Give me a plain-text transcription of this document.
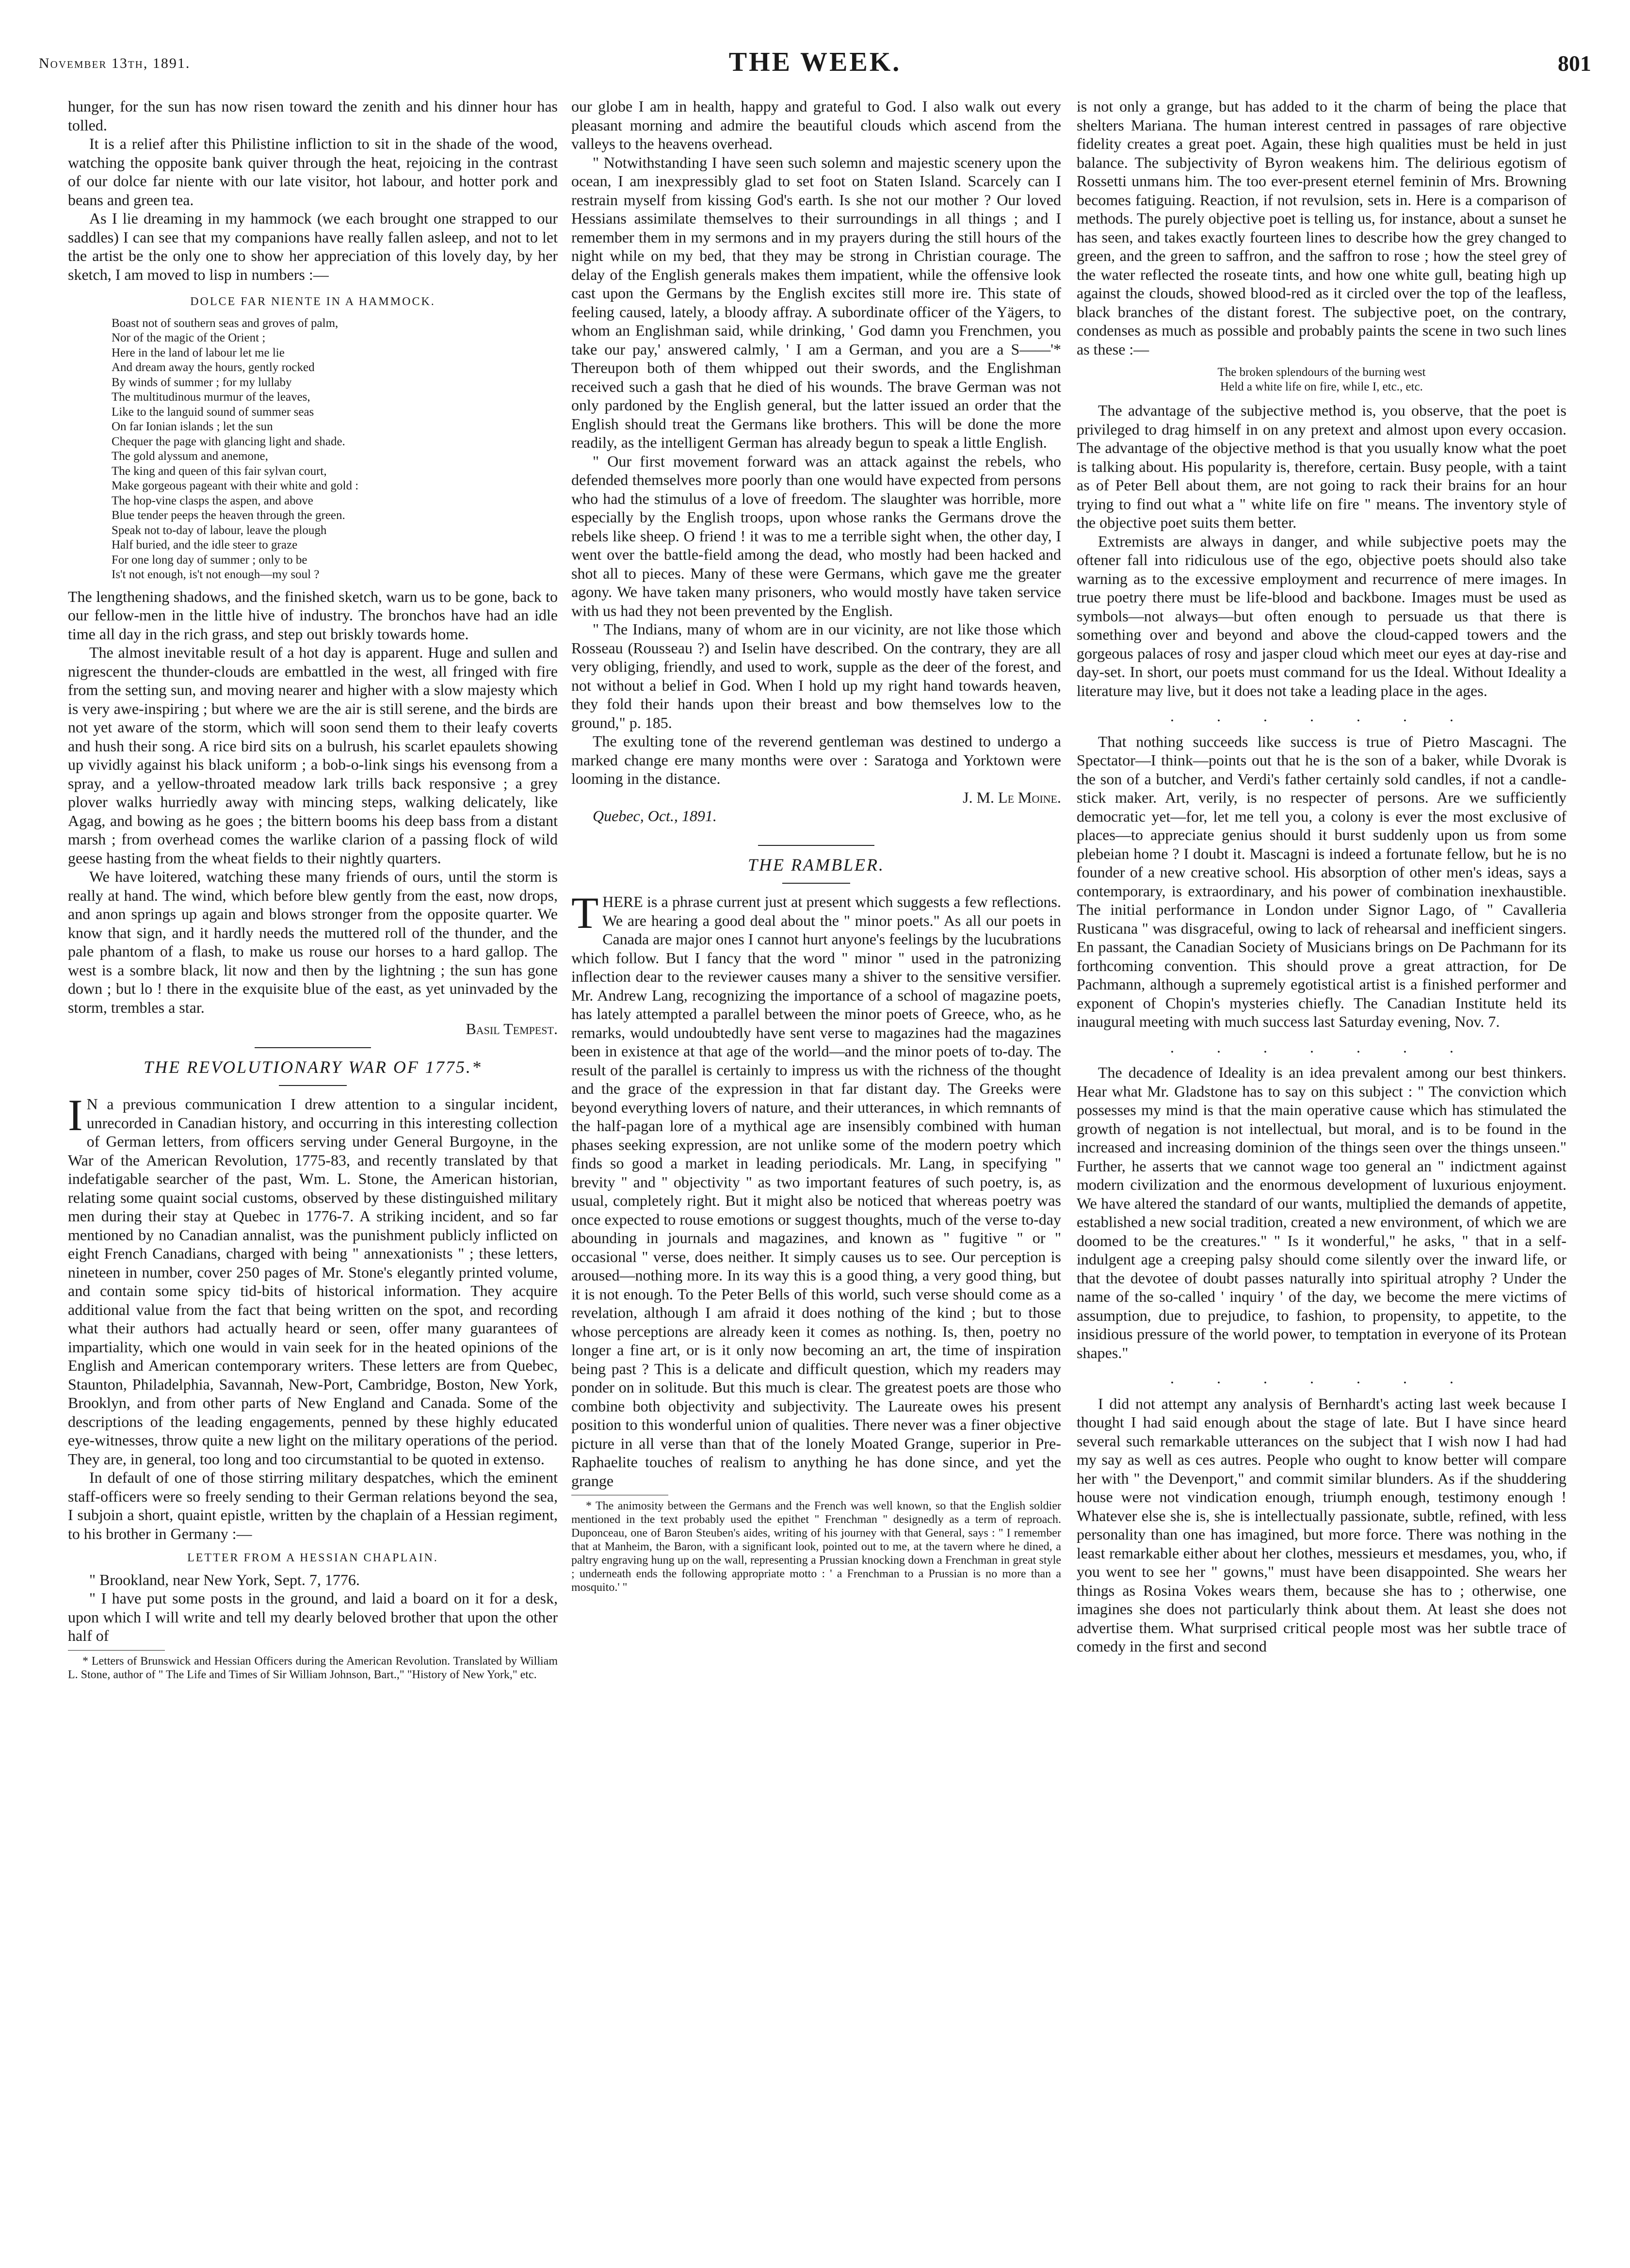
November 13th, 1891.	THE WEEK.	801

hunger, for the sun has now risen toward the zenith and his dinner hour has tolled.

It is a relief after this Philistine infliction to sit in the shade of the wood, watching the opposite bank quiver through the heat, rejoicing in the contrast of our dolce far niente with our late visitor, hot labour, and hotter pork and beans and green tea.

As I lie dreaming in my hammock (we each brought one strapped to our saddles) I can see that my companions have really fallen asleep, and not to let the artist be the only one to show her appreciation of this lovely day, by her sketch, I am moved to lisp in numbers :—

DOLCE FAR NIENTE IN A HAMMOCK.
Boast not of southern seas and groves of palm,
Nor of the magic of the Orient ;
Here in the land of labour let me lie
And dream away the hours, gently rocked
By winds of summer ; for my lullaby
The multitudinous murmur of the leaves,
Like to the languid sound of summer seas
On far Ionian islands ; let the sun
Chequer the page with glancing light and shade.
The gold alyssum and anemone,
The king and queen of this fair sylvan court,
Make gorgeous pageant with their white and gold :
The hop-vine clasps the aspen, and above
Blue tender peeps the heaven through the green.
Speak not to-day of labour, leave the plough
Half buried, and the idle steer to graze
For one long day of summer ; only to be
Is't not enough, is't not enough—my soul ?

The lengthening shadows, and the finished sketch, warn us to be gone, back to our fellow-men in the little hive of industry. The bronchos have had an idle time all day in the rich grass, and step out briskly towards home.

The almost inevitable result of a hot day is apparent. Huge and sullen and nigrescent the thunder-clouds are embattled in the west, all fringed with fire from the setting sun, and moving nearer and higher with a slow majesty which is very awe-inspiring ; but where we are the air is still serene, and the birds are not yet aware of the storm, which will soon send them to their leafy coverts and hush their song. A rice bird sits on a bulrush, his scarlet epaulets showing up vividly against his black uniform ; a bob-o-link sings his evensong from a spray, and a yellow-throated meadow lark trills back responsive ; a grey plover walks hurriedly away with mincing steps, walking delicately, like Agag, and bowing as he goes ; the bittern booms his deep bass from a distant marsh ; from overhead comes the warlike clarion of a passing flock of wild geese hasting from the wheat fields to their nightly quarters.

We have loitered, watching these many friends of ours, until the storm is really at hand. The wind, which before blew gently from the east, now drops, and anon springs up again and blows stronger from the opposite quarter. We know that sign, and it hardly needs the muttered roll of the thunder, and the pale phantom of a flash, to make us rouse our horses to a hard gallop. The west is a sombre black, lit now and then by the lightning ; the sun has gone down ; but lo ! there in the exquisite blue of the east, as yet uninvaded by the storm, trembles a star.

Basil Tempest.
THE REVOLUTIONARY WAR OF 1775.*

I N a previous communication I drew attention to a singular incident, unrecorded in Canadian history, and occurring in this interesting collection of German letters, from officers serving under General Burgoyne, in the War of the American Revolution, 1775-83, and recently translated by that indefatigable searcher of the past, Wm. L. Stone, the American historian, relating some quaint social customs, observed by these distinguished military men during their stay at Quebec in 1776-7. A striking incident, and so far mentioned by no Canadian annalist, was the punishment publicly inflicted on eight French Canadians, charged with being " annexationists " ; these letters, nineteen in number, cover 250 pages of Mr. Stone's elegantly printed volume, and contain some spicy tid-bits of historical information. They acquire additional value from the fact that being written on the spot, and recording what their authors had actually heard or seen, offer many guarantees of impartiality, which one would in vain seek for in the heated opinions of the English and American contemporary writers. These letters are from Quebec, Staunton, Philadelphia, Savannah, New-Port, Cambridge, Boston, New York, Brooklyn, and from other parts of New England and Canada. Some of the descriptions of the leading engagements, penned by these highly educated eye-witnesses, throw quite a new light on the military operations of the period. They are, in general, too long and too circumstantial to be quoted in extenso.

In default of one of those stirring military despatches, which the eminent staff-officers were so freely sending to their German relations beyond the sea, I subjoin a short, quaint epistle, written by the chaplain of a Hessian regiment, to his brother in Germany :—

LETTER FROM A HESSIAN CHAPLAIN.

" Brookland, near New York, Sept. 7, 1776.

" I have put some posts in the ground, and laid a board on it for a desk, upon which I will write and tell my dearly beloved brother that upon the other half of

* Letters of Brunswick and Hessian Officers during the American Revolution. Translated by William L. Stone, author of " The Life and Times of Sir William Johnson, Bart.," "History of New York," etc.

our globe I am in health, happy and grateful to God. I also walk out every pleasant morning and admire the beautiful clouds which ascend from the valleys to the heavens overhead.

" Notwithstanding I have seen such solemn and majestic scenery upon the ocean, I am inexpressibly glad to set foot on Staten Island. Scarcely can I restrain myself from kissing God's earth. Is she not our mother ? Our loved Hessians assimilate themselves to their surroundings in all things ; and I remember them in my sermons and in my prayers during the still hours of the night while on my bed, that they may be strong in Christian courage. The delay of the English generals makes them impatient, while the offensive look cast upon the Germans by the English excites still more ire. This state of feeling caused, lately, a bloody affray. A subordinate officer of the Yägers, to whom an Englishman said, while drinking, ' God damn you Frenchmen, you take our pay,' answered calmly, ' I am a German, and you are a S——'* Thereupon both of them whipped out their swords, and the Englishman received such a gash that he died of his wounds. The brave German was not only pardoned by the English general, but the latter issued an order that the English should treat the Germans like brothers. This will be done the more readily, as the intelligent German has already begun to speak a little English.

" Our first movement forward was an attack against the rebels, who defended themselves more poorly than one would have expected from persons who had the stimulus of a love of freedom. The slaughter was horrible, more especially by the English troops, upon whose ranks the Germans drove the rebels like sheep. O friend ! it was to me a terrible sight when, the other day, I went over the battle-field among the dead, who mostly had been hacked and shot all to pieces. Many of these were Germans, which gave me the greater agony. We have taken many prisoners, who would mostly have taken service with us had they not been prevented by the English.

" The Indians, many of whom are in our vicinity, are not like those which Rosseau (Rousseau ?) and Iselin have described. On the contrary, they are all very obliging, friendly, and used to work, supple as the deer of the forest, and not without a belief in God. When I hold up my right hand towards heaven, they fold their hands upon their breast and bow themselves low to the ground," p. 185.

The exulting tone of the reverend gentleman was destined to undergo a marked change ere many months were over : Saratoga and Yorktown were looming in the distance.

J. M. Le Moine.

Quebec, Oct., 1891.

THE RAMBLER.

THERE is a phrase current just at present which suggests a few reflections. We are hearing a good deal about the " minor poets." As all our poets in Canada are major ones I cannot hurt anyone's feelings by the lucubrations which follow. But I fancy that the word " minor " used in the patronizing inflection dear to the reviewer causes many a shiver to the sensitive versifier. Mr. Andrew Lang, recognizing the importance of a school of magazine poets, has lately attempted a parallel between the minor poets of Greece, who, as he remarks, would undoubtedly have sent verse to magazines had the magazines been in existence at that age of the world—and the minor poets of to-day. The result of the parallel is certainly to impress us with the richness of the thought and the grace of the expression in that far distant day. The Greeks were beyond everything lovers of nature, and their utterances, in which remnants of the half-pagan lore of a mythical age are insensibly combined with human phases seeking expression, are not unlike some of the modern poetry which finds so good a market in leading periodicals. Mr. Lang, in specifying " brevity " and " objectivity " as two important features of such poetry, is, as usual, completely right. But it might also be noticed that whereas poetry was once expected to rouse emotions or suggest thoughts, much of the verse to-day abounding in journals and magazines, and known as " fugitive " or " occasional " verse, does neither. It simply causes us to see. Our perception is aroused—nothing more. In its way this is a good thing, a very good thing, but it is not enough. To the Peter Bells of this world, such verse should come as a revelation, although I am afraid it does nothing of the kind ; but to those whose perceptions are already keen it comes as nothing. Is, then, poetry no longer a fine art, or is it only now becoming an art, the time of inspiration being past ? This is a delicate and difficult question, which my readers may ponder on in solitude. But this much is clear. The greatest poets are those who combine both objectivity and subjectivity. The Laureate owes his present position to this wonderful union of qualities. There never was a finer objective picture in all verse than that of the lonely Moated Grange, superior in Pre-Raphaelite touches of realism to anything he has done since, and yet the grange

* The animosity between the Germans and the French was well known, so that the English soldier mentioned in the text probably used the epithet " Frenchman " designedly as a term of reproach. Duponceau, one of Baron Steuben's aides, writing of his journey with that General, says : " I remember that at Manheim, the Baron, with a significant look, pointed out to me, at the tavern where he dined, a paltry engraving hung up on the wall, representing a Prussian knocking down a Frenchman in great style ; underneath ends the following appropriate motto : ' a Frenchman to a Prussian is no more than a mosquito.' "

is not only a grange, but has added to it the charm of being the place that shelters Mariana. The human interest centred in passages of rare objective fidelity creates a great poet. Again, these high qualities must be held in just balance. The subjectivity of Byron weakens him. The delirious egotism of Rossetti unmans him. The too ever-present eternel feminin of Mrs. Browning becomes fatiguing. Reaction, if not revulsion, sets in. Here is a comparison of methods. The purely objective poet is telling us, for instance, about a sunset he has seen, and takes exactly fourteen lines to describe how the grey changed to green, and the green to saffron, and the saffron to rose ; how the steel grey of the water reflected the roseate tints, and how one white gull, beating high up against the clouds, showed blood-red as it circled over the top of the leafless, black branches of the distant forest. The subjective poet, on the contrary, condenses as much as possible and probably paints the scene in two such lines as these :—

The broken splendours of the burning west
Held a white life on fire, while I, etc., etc.

The advantage of the subjective method is, you observe, that the poet is privileged to drag himself in on any pretext and almost upon every occasion. The advantage of the objective method is that you usually know what the poet is talking about. His popularity is, therefore, certain. Busy people, with a taint as of Peter Bell about them, are not going to rack their brains for an hour trying to find out what a " white life on fire " means. The inventory style of the objective poet suits them better.

Extremists are always in danger, and while subjective poets may the oftener fall into ridiculous use of the ego, objective poets should also take warning as to the excessive employment and recurrence of mere images. In true poetry there must be life-blood and backbone. Images must be used as symbols—not always—but often enough to persuade us that there is something over and beyond and above the cloud-capped towers and the gorgeous palaces of rosy and jasper cloud which meet our eyes at day-rise and day-set. In short, our poets must command for us the Ideal. Without Ideality a literature may live, but it does not take a leading place in the ages.

. . . . . . .

That nothing succeeds like success is true of Pietro Mascagni. The Spectator—I think—points out that he is the son of a baker, while Dvorak is the son of a butcher, and Verdi's father certainly sold candles, if not a candle-stick maker. Art, verily, is no respecter of persons. Are we sufficiently democratic yet—for, let me tell you, a colony is ever the most exclusive of places—to appreciate genius should it burst suddenly upon us from some plebeian home ? I doubt it. Mascagni is indeed a fortunate fellow, but he is no founder of a new creative school. His absorption of other men's ideas, says a contemporary, is extraordinary, and his power of combination inexhaustible. The initial performance in London under Signor Lago, of " Cavalleria Rusticana " was disgraceful, owing to lack of rehearsal and inefficient singers. En passant, the Canadian Society of Musicians brings on De Pachmann for its forthcoming convention. This should prove a great attraction, for De Pachmann, although a supremely egotistical artist is a finished performer and exponent of Chopin's mysteries chiefly. The Canadian Institute held its inaugural meeting with much success last Saturday evening, Nov. 7.

. . . . . . .

The decadence of Ideality is an idea prevalent among our best thinkers. Hear what Mr. Gladstone has to say on this subject : " The conviction which possesses my mind is that the main operative cause which has stimulated the growth of negation is not intellectual, but moral, and is to be found in the increased and increasing dominion of the things seen over the things unseen." Further, he asserts that we cannot wage too general an " indictment against modern civilization and the enormous development of luxurious enjoyment. We have altered the standard of our wants, multiplied the demands of appetite, established a new social tradition, created a new environment, of which we are doomed to be the creatures." " Is it wonderful," he asks, " that in a self-indulgent age a creeping palsy should come silently over the inward life, or that the devotee of doubt passes naturally into spiritual atrophy ? Under the name of the so-called ' inquiry ' of the day, we become the mere victims of assumption, due to prejudice, to fashion, to propensity, to appetite, to the insidious pressure of the world power, to temptation in everyone of its Protean shapes."

. . . . . . .

I did not attempt any analysis of Bernhardt's acting last week because I thought I had said enough about the stage of late. But I have since heard several such remarkable utterances on the subject that I wish now I had had my say as well as ces autres. People who ought to know better will compare her with " the Devenport," and commit similar blunders. As if the shuddering house were not vindication enough, triumph enough, testimony enough ! Whatever else she is, she is intellectually passionate, subtle, refined, with less personality than one has imagined, but more force. There was nothing in the least remarkable either about her clothes, messieurs et mesdames, you, who, if you went to see her " gowns," must have been disappointed. She wears her things as Rosina Vokes wears them, because she has to ; otherwise, one imagines she does not particularly think about them. At least she does not advertise them. What surprised critical people most was her subtle trace of comedy in the first and second
